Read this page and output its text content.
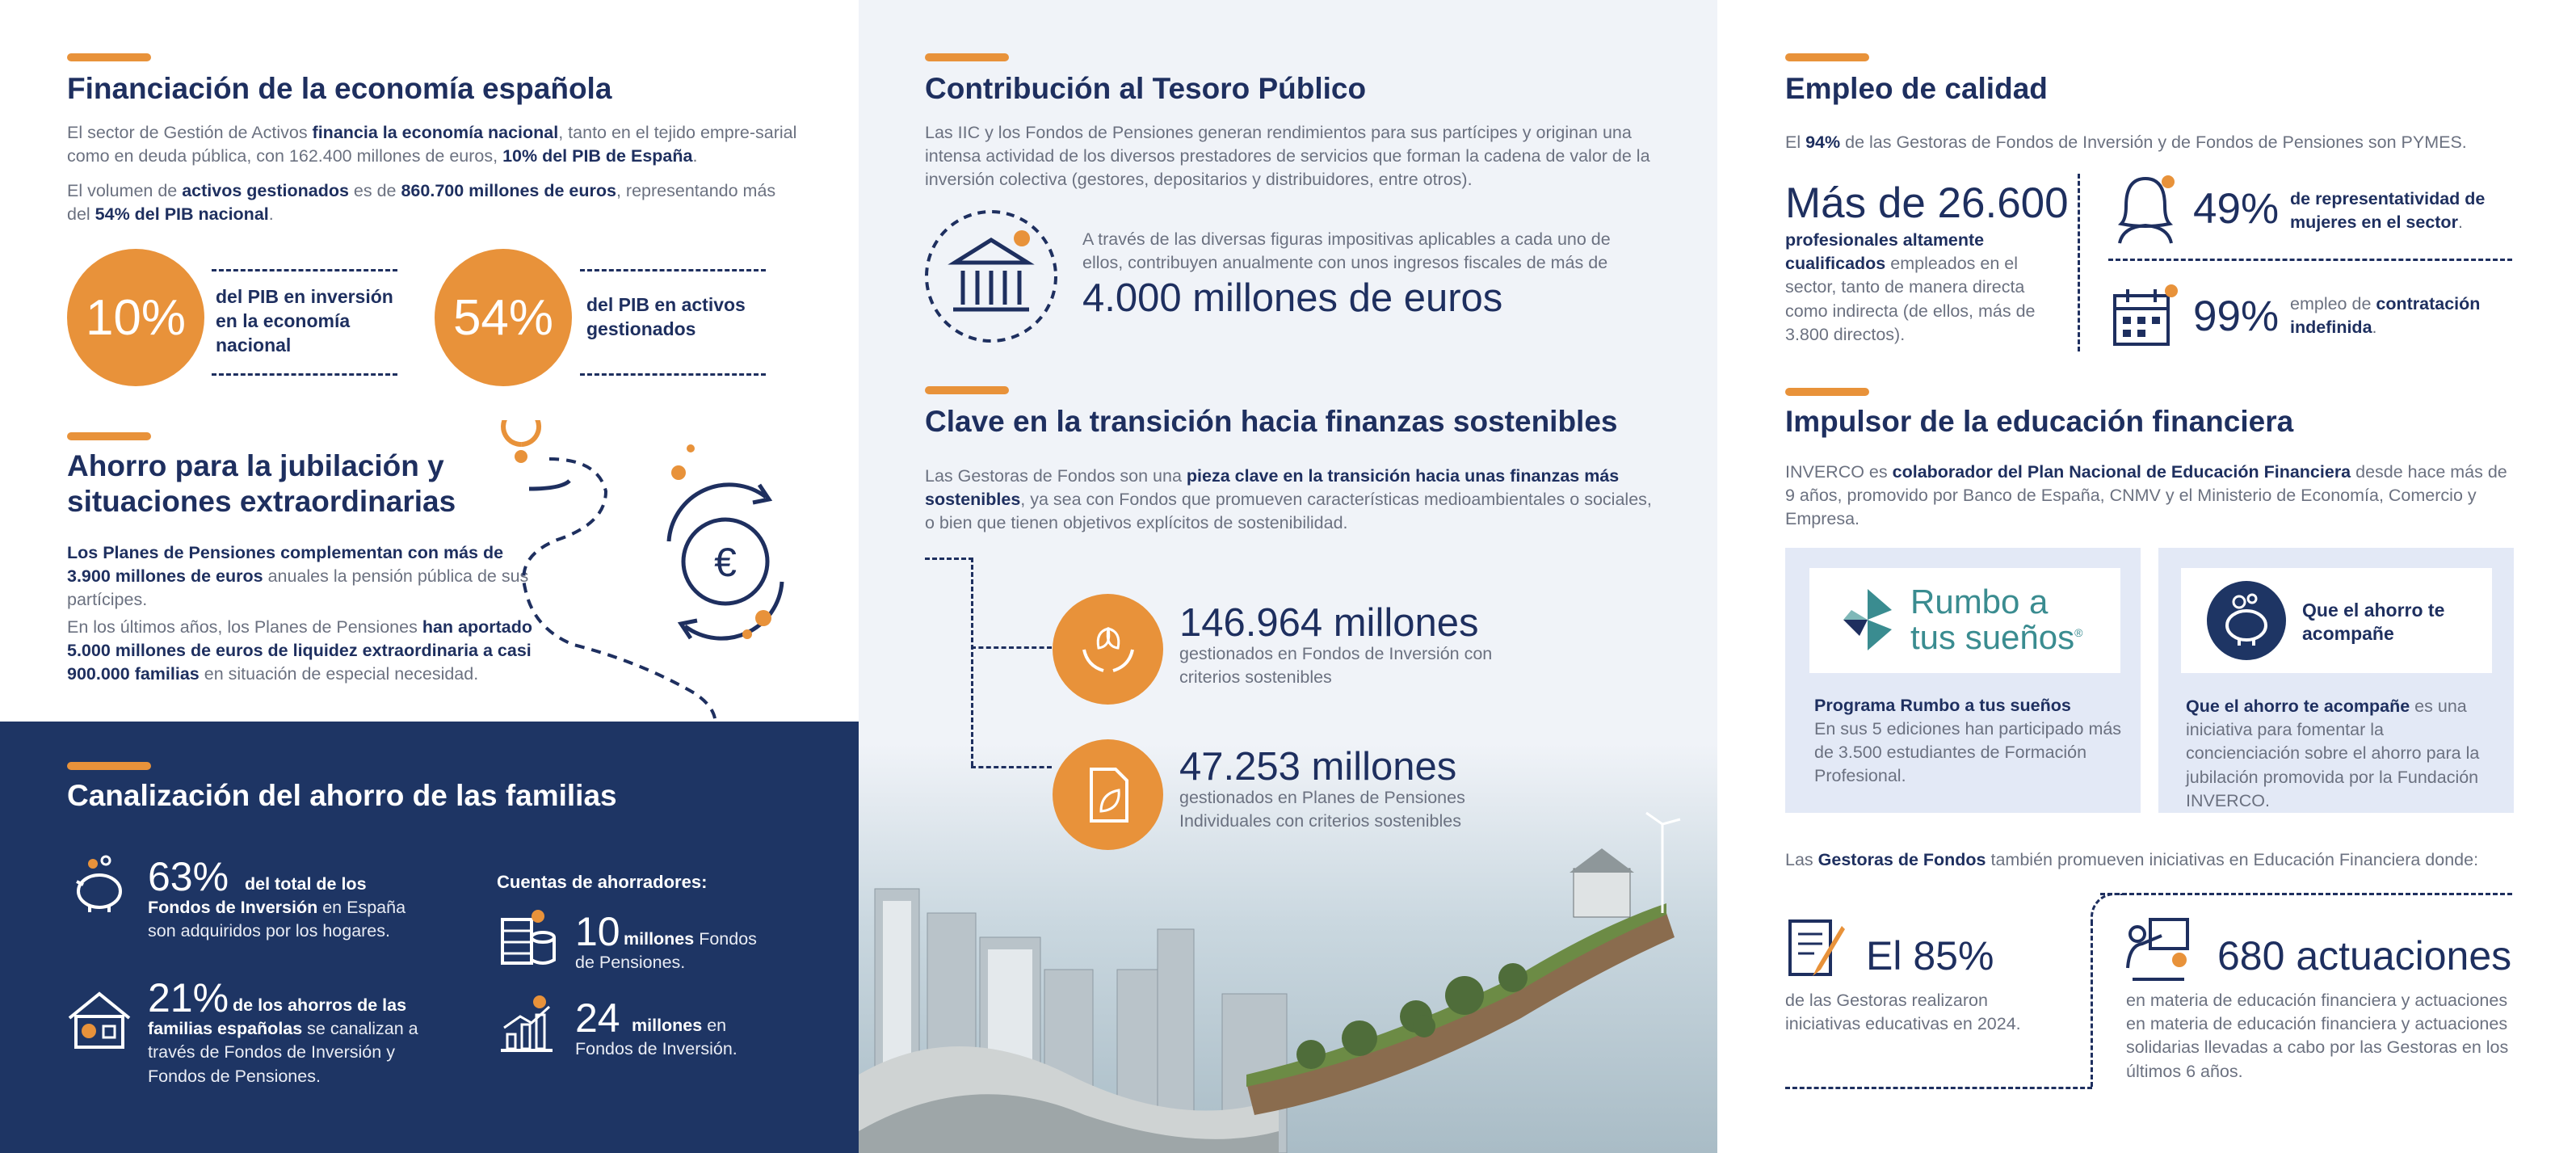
Financiación de la economía española

El sector de Gestión de Activos financia la economía nacional, tanto en el tejido empre-sarial como en deuda pública, con 162.400 millones de euros, 10% del PIB de España.

El volumen de activos gestionados es de 860.700 millones de euros, representando más del 54% del PIB nacional.

10%	del PIB en inversión en la economía nacional	54%	del PIB en activos gestionados
Ahorro para la jubilación y situaciones extraordinarias

Los Planes de Pensiones complementan con más de 3.900 millones de euros anuales la pensión pública de sus partícipes.

En los últimos años, los Planes de Pensiones han aportado 5.000 millones de euros de liquidez extraordinaria a casi 900.000 familias en situación de especial necesidad.

€
Canalización del ahorro de las familias
63% del total de los Fondos de Inversión en España son adquiridos por los hogares.

21% de los ahorros de las familias españolas se canalizan a través de Fondos de Inversión y Fondos de Pensiones.

Cuentas de ahorradores:
10 millones Fondos de Pensiones.

24 millones en Fondos de Inversión.

Contribución al Tesoro Público

Las IIC y los Fondos de Pensiones generan rendimientos para sus partícipes y originan una intensa actividad de los diversos prestadores de servicios que forman la cadena de valor de la inversión colectiva (gestores, depositarios y distribuidores, entre otros).

A través de las diversas figuras impositivas aplicables a cada uno de ellos, contribuyen anualmente con unos ingresos fiscales de más de

4.000 millones de euros
Clave en la transición hacia finanzas sostenibles

Las Gestoras de Fondos son una pieza clave en la transición hacia unas finanzas más sostenibles, ya sea con Fondos que promueven características medioambientales o sociales, o bien que tienen objetivos explícitos de sostenibilidad.

146.964 millones

gestionados en Fondos de Inversión con criterios sostenibles

47.253 millones

gestionados en Planes de Pensiones Individuales con criterios sostenibles

Empleo de calidad

El 94% de las Gestoras de Fondos de Inversión y de Fondos de Pensiones son PYMES.

Más de 26.600

profesionales altamente cualificados empleados en el sector, tanto de manera directa como indirecta (de ellos, más de 3.800 directos).

49% de representatividad de mujeres en el sector.

99% empleo de contratación indefinida.

Impulsor de la educación financiera

INVERCO es colaborador del Plan Nacional de Educación Financiera desde hace más de 9 años, promovido por Banco de España, CNMV y el Ministerio de Economía, Comercio y Empresa.

Rumbo a
tus sueños®
Programa Rumbo a tus sueños

En sus 5 ediciones han participado más de 3.500 estudiantes de Formación Profesional.

Que el ahorro te acompañe

Que el ahorro te acompañe es una iniciativa para fomentar la concienciación sobre el ahorro para la jubilación promovida por la Fundación INVERCO.

Las Gestoras de Fondos también promueven iniciativas en Educación Financiera donde:

El 85%

de las Gestoras realizaron iniciativas educativas en 2024.

680 actuaciones

en materia de educación financiera y actuaciones en materia de educación financiera y actuaciones solidarias llevadas a cabo por las Gestoras en los últimos 6 años.
